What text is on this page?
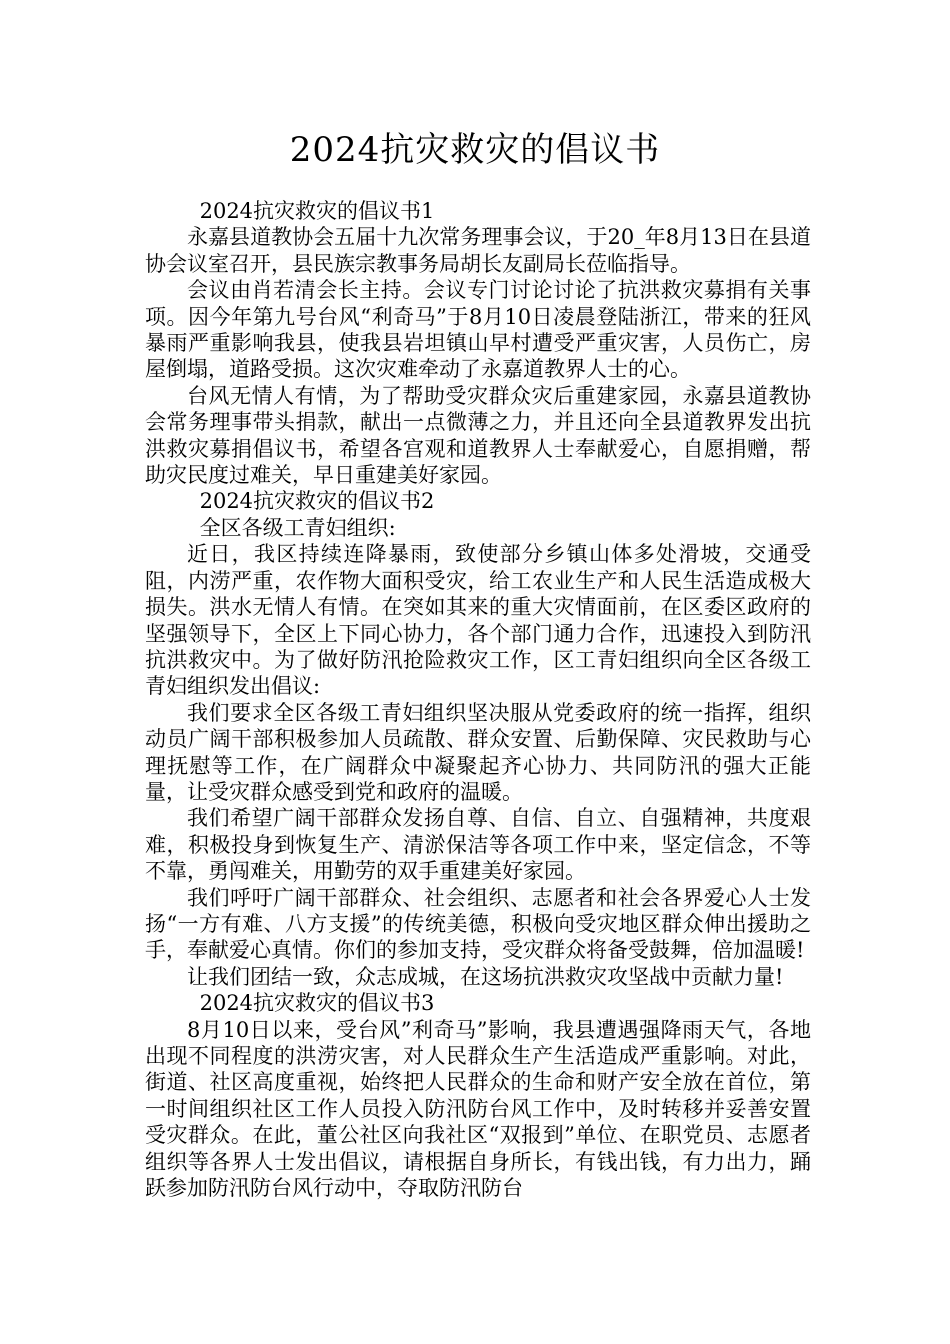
2024抗灾救灾的倡议书

2024抗灾救灾的倡议书1

永嘉县道教协会五届十九次常务理事会议，于20_年8月13日在县道协会议室召开，县民族宗教事务局胡长友副局长莅临指导。

会议由肖若清会长主持。会议专门讨论讨论了抗洪救灾募捐有关事项。因今年第九号台风“利奇马”于8月10日凌晨登陆浙江，带来的狂风暴雨严重影响我县，使我县岩坦镇山早村遭受严重灾害，人员伤亡，房屋倒塌，道路受损。这次灾难牵动了永嘉道教界人士的心。

台风无情人有情，为了帮助受灾群众灾后重建家园，永嘉县道教协会常务理事带头捐款，献出一点微薄之力，并且还向全县道教界发出抗洪救灾募捐倡议书，希望各宫观和道教界人士奉献爱心，自愿捐赠，帮助灾民度过难关，早日重建美好家园。

2024抗灾救灾的倡议书2

全区各级工青妇组织:

近日，我区持续连降暴雨，致使部分乡镇山体多处滑坡，交通受阻，内涝严重，农作物大面积受灾，给工农业生产和人民生活造成极大损失。洪水无情人有情。在突如其来的重大灾情面前，在区委区政府的坚强领导下，全区上下同心协力，各个部门通力合作，迅速投入到防汛抗洪救灾中。为了做好防汛抢险救灾工作，区工青妇组织向全区各级工青妇组织发出倡议:

我们要求全区各级工青妇组织坚决服从党委政府的统一指挥，组织动员广阔干部积极参加人员疏散、群众安置、后勤保障、灾民救助与心理抚慰等工作，在广阔群众中凝聚起齐心协力、共同防汛的强大正能量，让受灾群众感受到党和政府的温暖。

我们希望广阔干部群众发扬自尊、自信、自立、自强精神，共度艰难，积极投身到恢复生产、清淤保洁等各项工作中来，坚定信念，不等不靠，勇闯难关，用勤劳的双手重建美好家园。

我们呼吁广阔干部群众、社会组织、志愿者和社会各界爱心人士发扬“一方有难、八方支援”的传统美德，积极向受灾地区群众伸出援助之手，奉献爱心真情。你们的参加支持，受灾群众将备受鼓舞，倍加温暖!

让我们团结一致，众志成城，在这场抗洪救灾攻坚战中贡献力量!

2024抗灾救灾的倡议书3

8月10日以来，受台风”利奇马”影响，我县遭遇强降雨天气，各地出现不同程度的洪涝灾害，对人民群众生产生活造成严重影响。对此，街道、社区高度重视，始终把人民群众的生命和财产安全放在首位，第一时间组织社区工作人员投入防汛防台风工作中，及时转移并妥善安置受灾群众。在此，董公社区向我社区“双报到”单位、在职党员、志愿者组织等各界人士发出倡议，请根据自身所长，有钱出钱，有力出力，踊跃参加防汛防台风行动中，夺取防汛防台
